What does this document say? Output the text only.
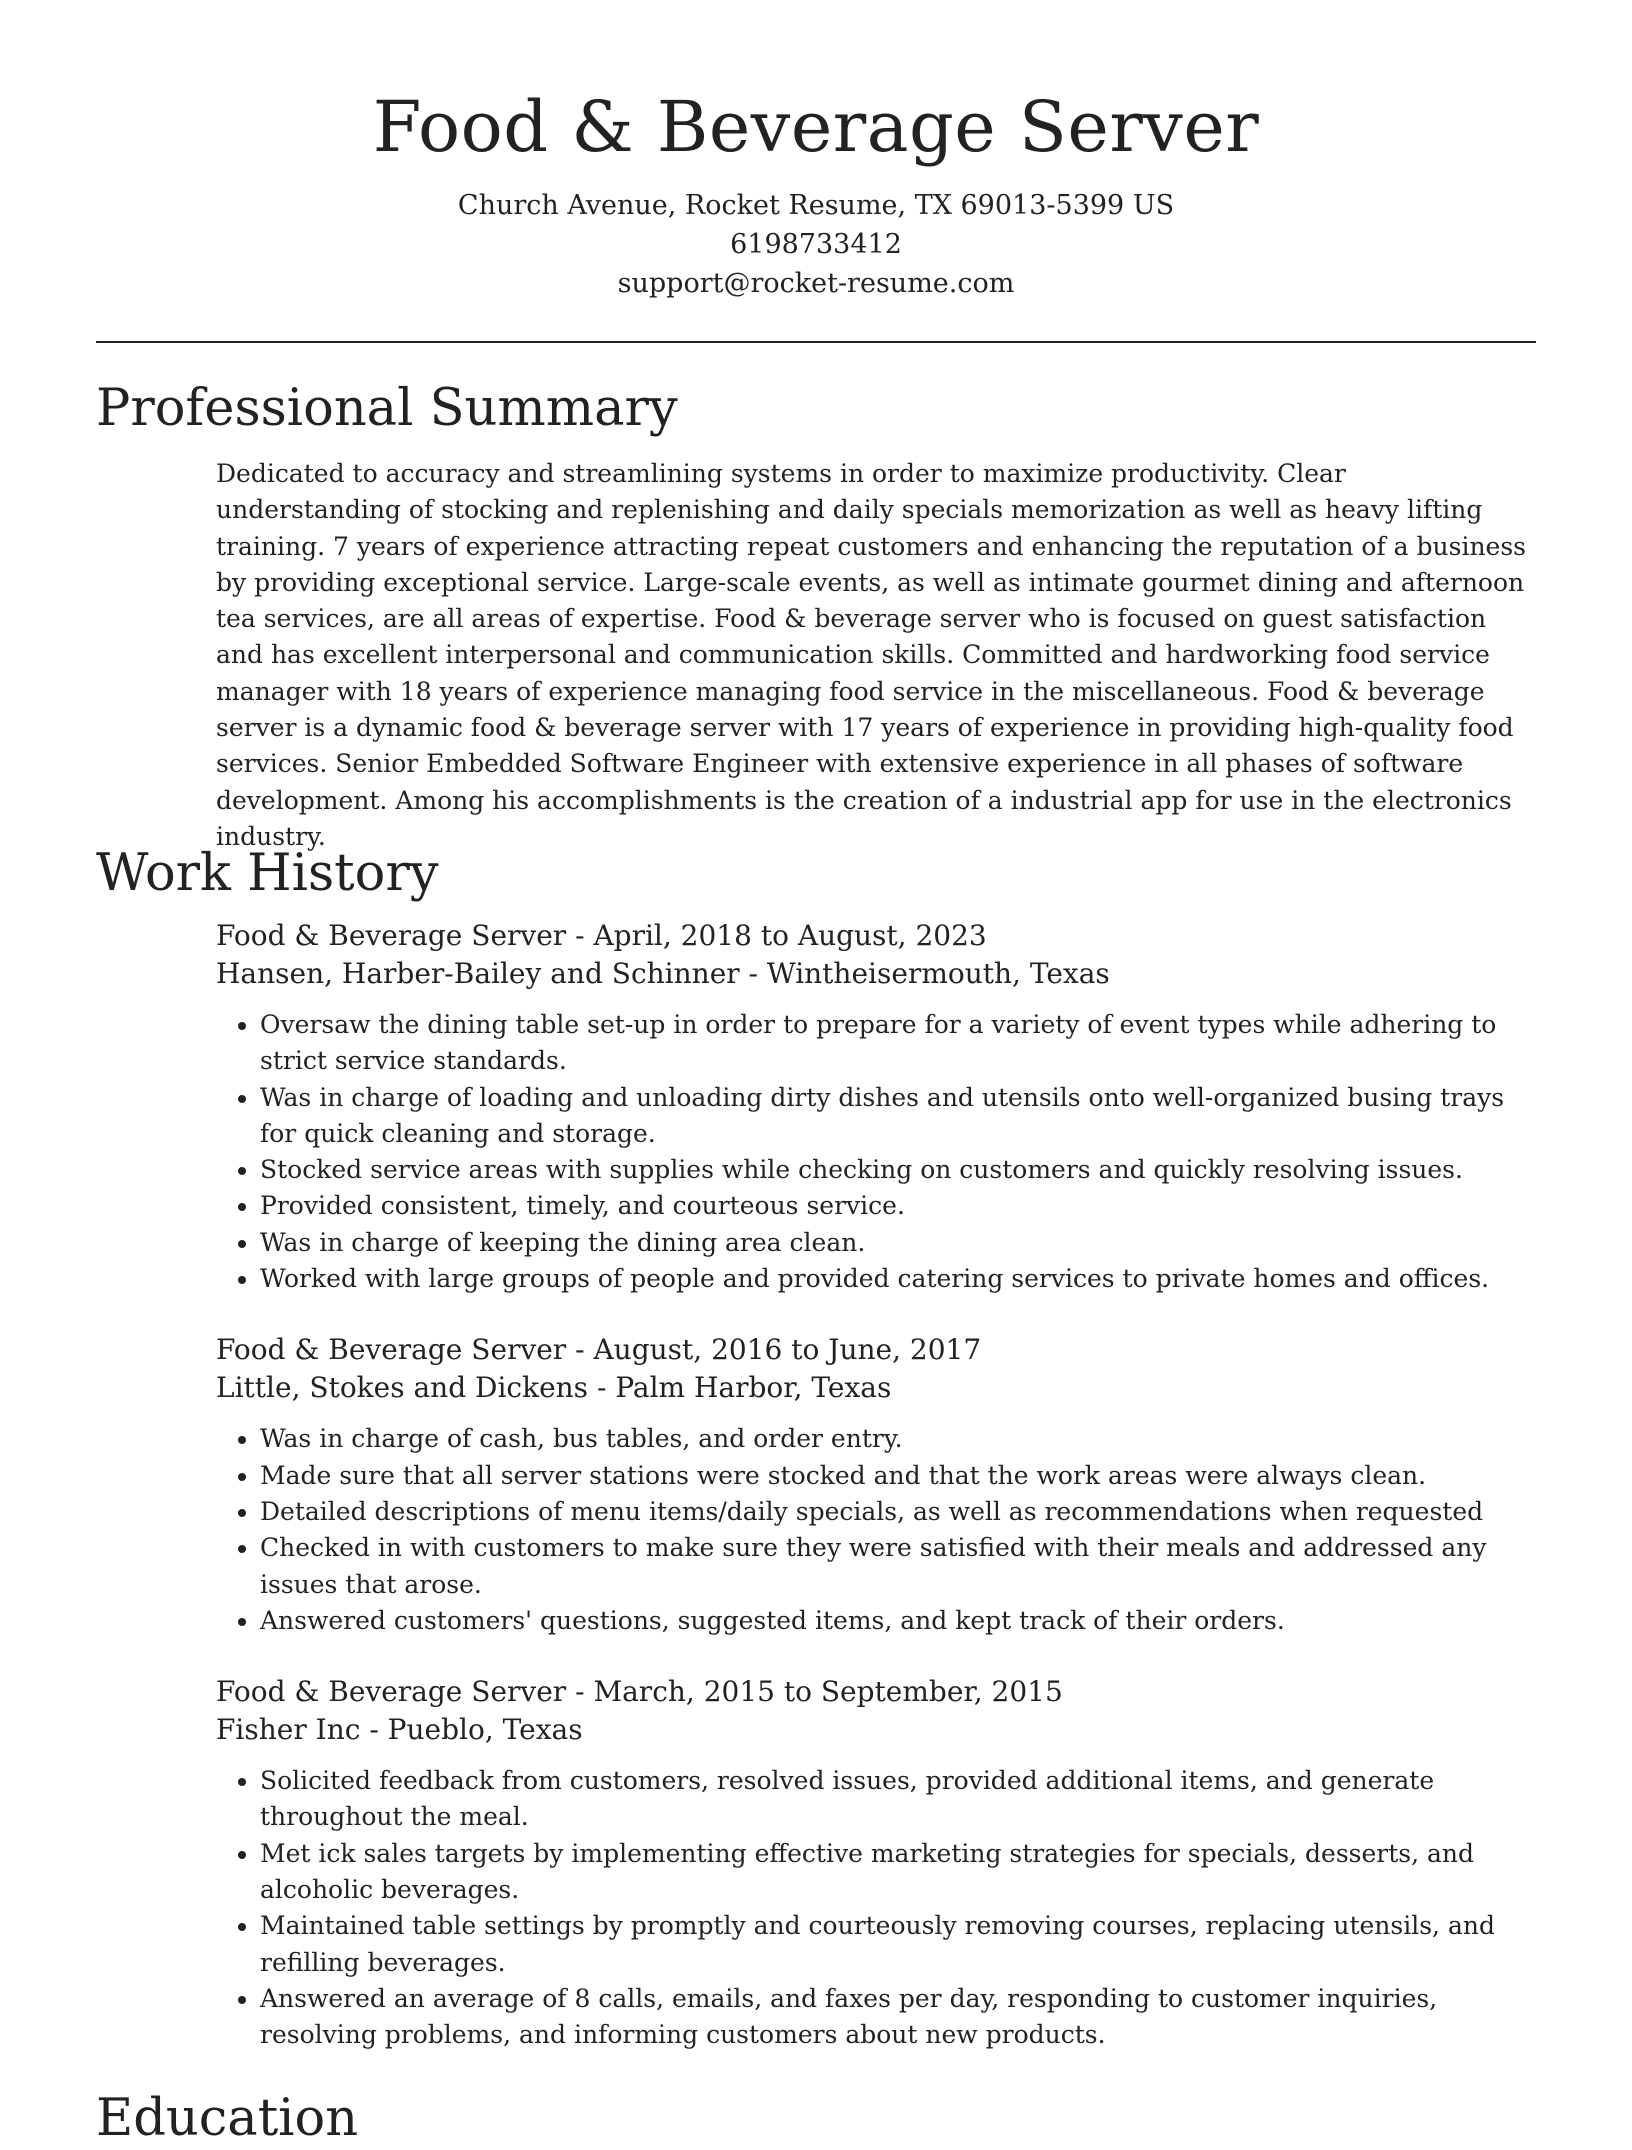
Food & Beverage Server

Church Avenue, Rocket Resume, TX 69013-5399 US

6198733412

support@rocket-resume.com

Professional Summary

Dedicated to accuracy and streamlining systems in order to maximize productivity. Clear understanding of stocking and replenishing and daily specials memorization as well as heavy lifting training. 7 years of experience attracting repeat customers and enhancing the reputation of a business by providing exceptional service. Large-scale events, as well as intimate gourmet dining and afternoon tea services, are all areas of expertise. Food & beverage server who is focused on guest satisfaction and has excellent interpersonal and communication skills. Committed and hardworking food service manager with 18 years of experience managing food service in the miscellaneous. Food & beverage server is a dynamic food & beverage server with 17 years of experience in providing high-quality food services. Senior Embedded Software Engineer with extensive experience in all phases of software development. Among his accomplishments is the creation of a industrial app for use in the electronics industry.

Work History

Food & Beverage Server - April, 2018 to August, 2023

Hansen, Harber-Bailey and Schinner - Wintheisermouth, Texas

• Oversaw the dining table set-up in order to prepare for a variety of event types while adhering to strict service standards.
• Was in charge of loading and unloading dirty dishes and utensils onto well-organized busing trays for quick cleaning and storage.
• Stocked service areas with supplies while checking on customers and quickly resolving issues.
• Provided consistent, timely, and courteous service.
• Was in charge of keeping the dining area clean.
• Worked with large groups of people and provided catering services to private homes and offices.

Food & Beverage Server - August, 2016 to June, 2017

Little, Stokes and Dickens - Palm Harbor, Texas

• Was in charge of cash, bus tables, and order entry.
• Made sure that all server stations were stocked and that the work areas were always clean.
• Detailed descriptions of menu items/daily specials, as well as recommendations when requested
• Checked in with customers to make sure they were satisfied with their meals and addressed any issues that arose.
• Answered customers' questions, suggested items, and kept track of their orders.

Food & Beverage Server - March, 2015 to September, 2015

Fisher Inc - Pueblo, Texas

• Solicited feedback from customers, resolved issues, provided additional items, and generate throughout the meal.
• Met ick sales targets by implementing effective marketing strategies for specials, desserts, and alcoholic beverages.
• Maintained table settings by promptly and courteously removing courses, replacing utensils, and refilling beverages.
• Answered an average of 8 calls, emails, and faxes per day, responding to customer inquiries, resolving problems, and informing customers about new products.
Education
